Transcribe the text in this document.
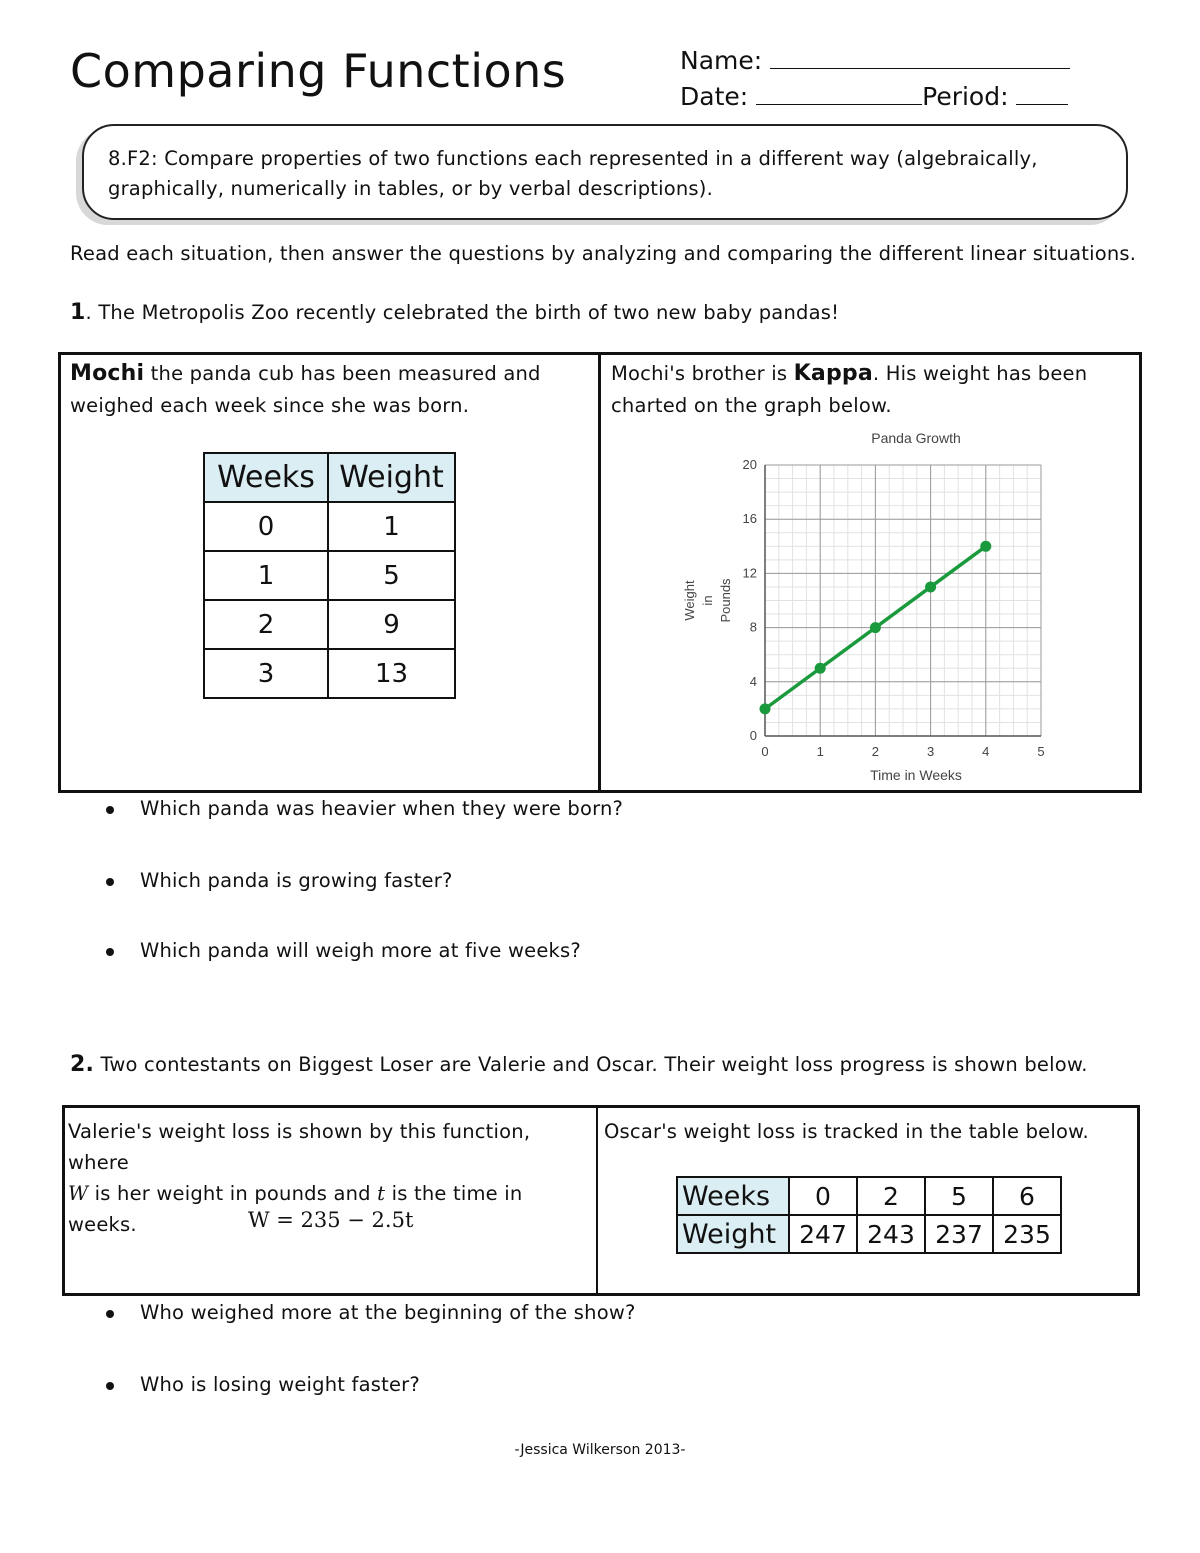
Comparing Functions	Name:
Date:	Period:
8.F2: Compare properties of two functions each represented in a different way (algebraically, graphically, numerically in tables, or by verbal descriptions).
Read each situation, then answer the questions by analyzing and comparing the different linear situations.
1. The Metropolis Zoo recently celebrated the birth of two new baby pandas!
Mochi the panda cub has been measured and weighed each week since she was born.
Weeks	Weight
0	1
1	5
2	9
3	13
Mochi's brother is Kappa. His weight has been charted on the graph below.
0	1	2	3	4	5
0
4
8
12
16
20
Panda Growth
Time in Weeks
Weight in Pounds
Which panda was heavier when they were born?
Which panda is growing faster?
Which panda will weigh more at five weeks?
2. Two contestants on Biggest Loser are Valerie and Oscar. Their weight loss progress is shown below.
Valerie's weight loss is shown by this function, where
W is her weight in pounds and t is the time in weeks.	W = 235 − 2.5t
Oscar's weight loss is tracked in the table below.
Weeks	0	2	5	6
Weight	247	243	237	235
Who weighed more at the beginning of the show?
Who is losing weight faster?
-Jessica Wilkerson 2013-
